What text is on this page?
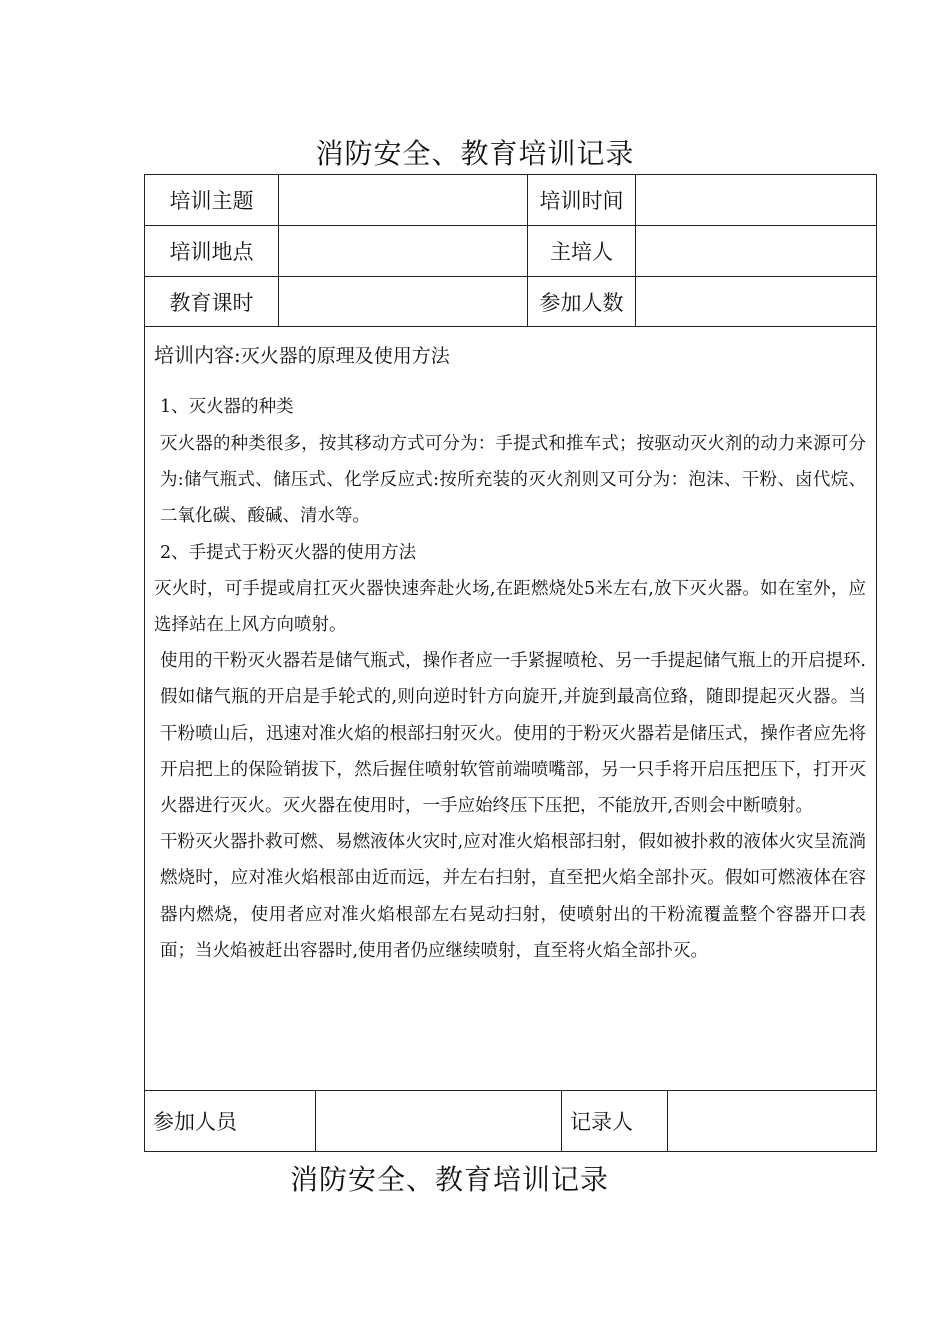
消防安全、教育培训记录
培训主题	培训时间
培训地点	主培人
教育课时	参加人数

培训内容:灭火器的原理及使用方法

1、灭火器的种类

灭火器的种类很多，按其移动方式可分为：手提式和推车式；按驱动灭火剂的动力来源可分为:储气瓶式、储压式、化学反应式:按所充装的灭火剂则又可分为：泡沫、干粉、卤代烷、二氧化碳、酸碱、清水等。

2、手提式于粉灭火器的使用方法

灭火时，可手提或肩扛灭火器快速奔赴火场,在距燃烧处5米左右,放下灭火器。如在室外，应选择站在上风方向喷射。

使用的干粉灭火器若是储气瓶式，操作者应一手紧握喷枪、另一手提起储气瓶上的开启提环.假如储气瓶的开启是手轮式的,则向逆时针方向旋开,并旋到最高位臵，随即提起灭火器。当干粉喷山后，迅速对准火焰的根部扫射灭火。使用的于粉灭火器若是储压式，操作者应先将开启把上的保险销拔下，然后握住喷射软管前端喷嘴部，另一只手将开启压把压下，打开灭火器进行灭火。灭火器在使用时，一手应始终压下压把，不能放开,否则会中断喷射。

干粉灭火器扑救可燃、易燃液体火灾时,应对准火焰根部扫射，假如被扑救的液体火灾呈流淌燃烧时，应对准火焰根部由近而远，并左右扫射，直至把火焰全部扑灭。假如可燃液体在容器内燃烧，使用者应对准火焰根部左右晃动扫射，使喷射出的干粉流覆盖整个容器开口表面；当火焰被赶出容器时,使用者仍应继续喷射，直至将火焰全部扑灭。

参加人员	记录人
消防安全、教育培训记录
